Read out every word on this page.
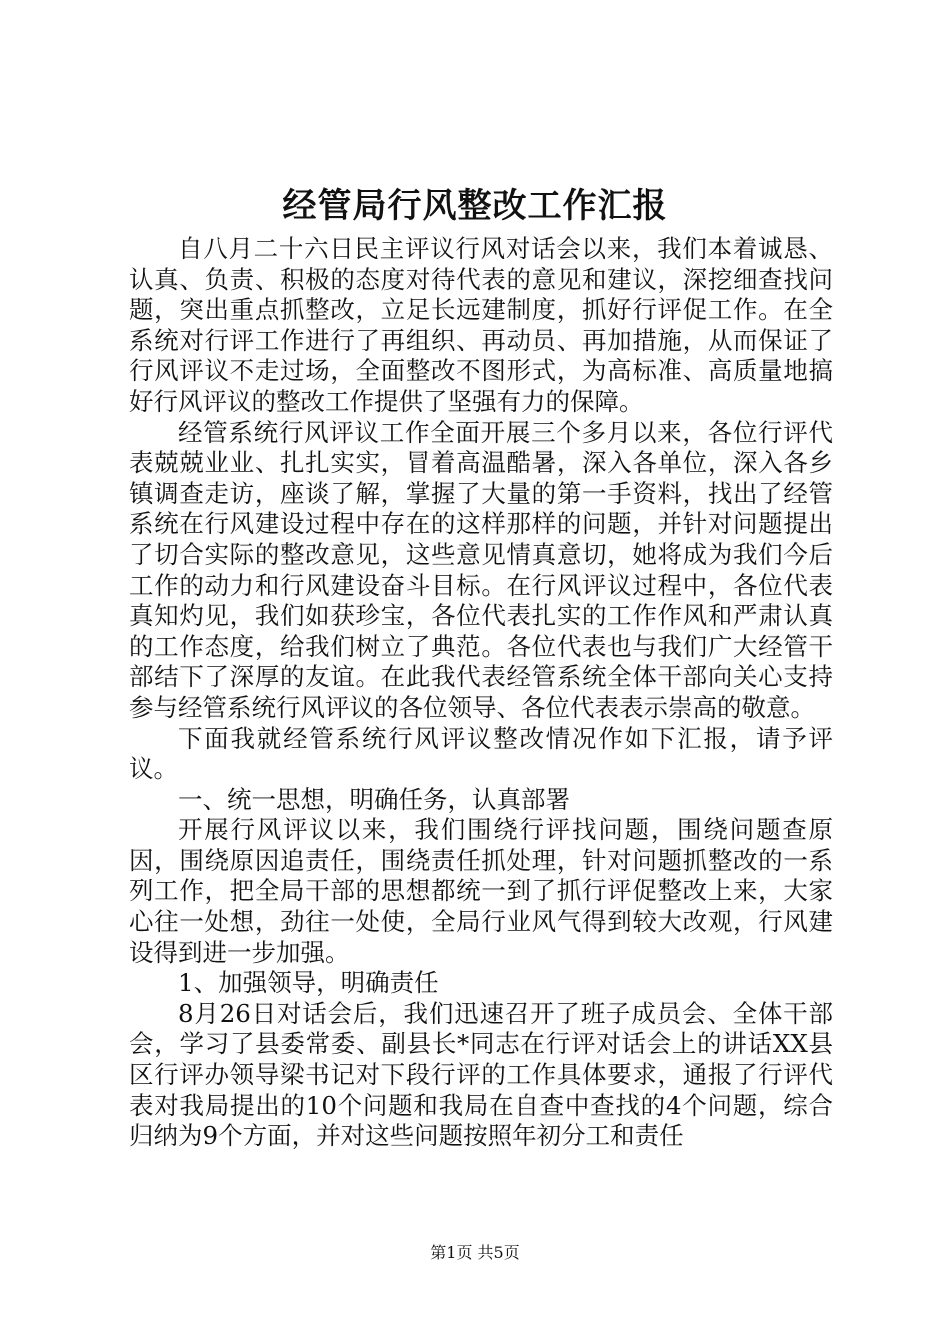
经管局行风整改工作汇报

自八月二十六日民主评议行风对话会以来，我们本着诚恳、认真、负责、积极的态度对待代表的意见和建议，深挖细查找问题，突出重点抓整改，立足长远建制度，抓好行评促工作。在全系统对行评工作进行了再组织、再动员、再加措施，从而保证了行风评议不走过场，全面整改不图形式，为高标准、高质量地搞好行风评议的整改工作提供了坚强有力的保障。

经管系统行风评议工作全面开展三个多月以来，各位行评代表兢兢业业、扎扎实实，冒着高温酷暑，深入各单位，深入各乡镇调查走访，座谈了解，掌握了大量的第一手资料，找出了经管系统在行风建设过程中存在的这样那样的问题，并针对问题提出了切合实际的整改意见，这些意见情真意切，她将成为我们今后工作的动力和行风建设奋斗目标。在行风评议过程中，各位代表真知灼见，我们如获珍宝，各位代表扎实的工作作风和严肃认真的工作态度，给我们树立了典范。各位代表也与我们广大经管干部结下了深厚的友谊。在此我代表经管系统全体干部向关心支持参与经管系统行风评议的各位领导、各位代表表示崇高的敬意。

下面我就经管系统行风评议整改情况作如下汇报，请予评议。

一、统一思想，明确任务，认真部署

开展行风评议以来，我们围绕行评找问题，围绕问题查原因，围绕原因追责任，围绕责任抓处理，针对问题抓整改的一系列工作，把全局干部的思想都统一到了抓行评促整改上来，大家心往一处想，劲往一处使，全局行业风气得到较大改观，行风建设得到进一步加强。

1、加强领导，明确责任

8月26日对话会后，我们迅速召开了班子成员会、全体干部会，学习了县委常委、副县长*同志在行评对话会上的讲话XX县区行评办领导梁书记对下段行评的工作具体要求，通报了行评代表对我局提出的10个问题和我局在自查中查找的4个问题，综合归纳为9个方面，并对这些问题按照年初分工和责任

第1页 共5页
